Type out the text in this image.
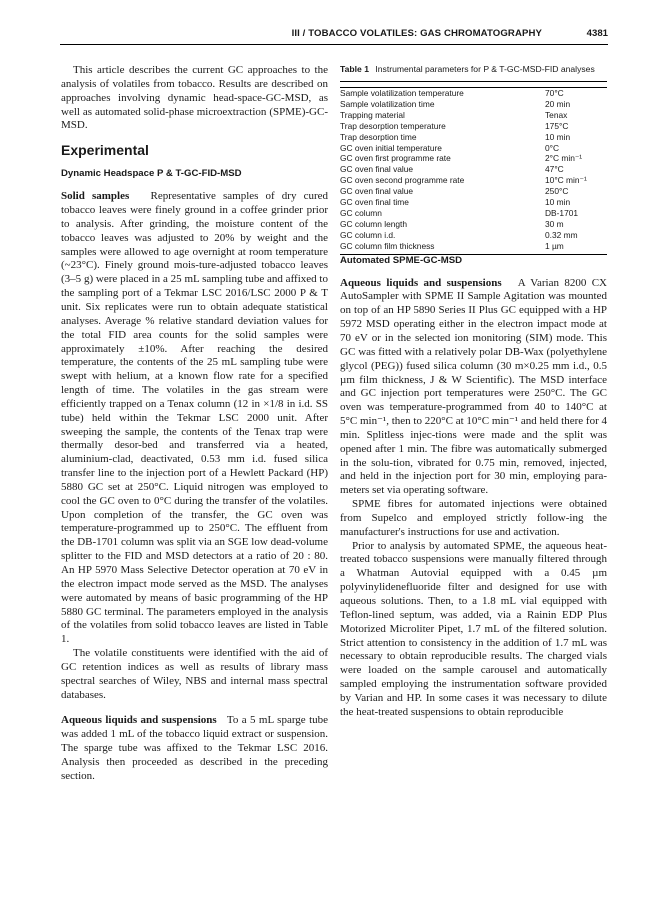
III / TOBACCO VOLATILES: GAS CHROMATOGRAPHY	4381

This article describes the current GC approaches to the analysis of volatiles from tobacco. Results are described on approaches involving dynamic head-space-GC-MSD, as well as automated solid-phase microextraction (SPME)-GC-MSD.

Experimental
Dynamic Headspace P & T-GC-FID-MSD

Solid samples Representative samples of dry cured tobacco leaves were finely ground in a coffee grinder prior to analysis. After grinding, the moisture content of the tobacco leaves was adjusted to 20% by weight and the samples were allowed to age overnight at room temperature (~23°C). Finely ground mois-ture-adjusted tobacco leaves (3–5 g) were placed in a 25 mL sampling tube and affixed to the sampling port of a Tekmar LSC 2016/LSC 2000 P & T unit. Six replicates were run to obtain adequate statistical analyses. Average % relative standard deviation values for the total FID area counts for the solid samples were approximately ±10%. After reaching the desired temperature, the contents of the 25 mL sampling tube were swept with helium, at a known flow rate for a specified length of time. The volatiles in the gas stream were efficiently trapped on a Tenax column (12 in ×1/8 in i.d. SS tube) held within the Tekmar LSC 2000 unit. After sweeping the sample, the contents of the Tenax trap were thermally desor-bed and transferred via a heated, aluminium-clad, deactivated, 0.53 mm i.d. fused silica transfer line to the injection port of a Hewlett Packard (HP) 5880 GC set at 250°C. Liquid nitrogen was employed to cool the GC oven to 0°C during the transfer of the volatiles. Upon completion of the transfer, the GC oven was temperature-programmed up to 250°C. The effluent from the DB-1701 column was split via an SGE low dead-volume splitter to the FID and MSD detectors at a ratio of 20 : 80. An HP 5970 Mass Selective Detector operation at 70 eV in the electron impact mode served as the MSD. The analyses were automated by means of basic programming of the HP 5880 GC terminal. The parameters employed in the analysis of the volatiles from solid tobacco leaves are listed in Table 1.

The volatile constituents were identified with the aid of GC retention indices as well as results of library mass spectral searches of Wiley, NBS and internal mass spectral databases.

Aqueous liquids and suspensions To a 5 mL sparge tube was added 1 mL of the tobacco liquid extract or suspension. The sparge tube was affixed to the Tekmar LSC 2016. Analysis then proceeded as described in the preceding section.

Table 1 Instrumental parameters for P & T-GC-MSD-FID analyses

Sample volatilization temperature	70°C
Sample volatilization time	20 min
Trapping material	Tenax
Trap desorption temperature	175°C
Trap desorption time	10 min
GC oven initial temperature	0°C
GC oven first programme rate	2°C min⁻¹
GC oven final value	47°C
GC oven second programme rate	10°C min⁻¹
GC oven final value	250°C
GC oven final time	10 min
GC column	DB-1701
GC column length	30 m
GC column i.d.	0.32 mm
GC column film thickness	1 µm

Automated SPME-GC-MSD

Aqueous liquids and suspensions A Varian 8200 CX AutoSampler with SPME II Sample Agitation was mounted on top of an HP 5890 Series II Plus GC equipped with a HP 5972 MSD operating either in the electron impact mode at 70 eV or in the selected ion monitoring (SIM) mode. This GC was fitted with a relatively polar DB-Wax (polyethylene glycol (PEG)) fused silica column (30 m×0.25 mm i.d., 0.5 µm film thickness, J & W Scientific). The MSD interface and GC injection port temperatures were 250°C. The GC oven was temperature-programmed from 40 to 140°C at 5°C min⁻¹, then to 220°C at 10°C min⁻¹ and held there for 4 min. Splitless injec-tions were made and the split was opened after 1 min. The fibre was automatically submerged in the solu-tion, vibrated for 0.75 min, removed, injected, and held in the injection port for 30 min, employing para-meters set via operating software.

SPME fibres for automated injections were obtained from Supelco and employed strictly follow-ing the manufacturer's instructions for use and activation.

Prior to analysis by automated SPME, the aqueous heat-treated tobacco suspensions were manually filtered through a Whatman Autovial equipped with a 0.45 µm polyvinylidenefluoride filter and designed for use with aqueous solutions. Then, to a 1.8 mL vial equipped with Teflon-lined septum, was added, via a Rainin EDP Plus Motorized Microliter Pipet, 1.7 mL of the filtered solution. Strict attention to consistency in the addition of 1.7 mL was necessary to obtain reproducible results. The charged vials were loaded on the sample carousel and automatically sampled employing the instrumentation software provided by Varian and HP. In some cases it was necessary to dilute the heat-treated suspensions to obtain reproducible
